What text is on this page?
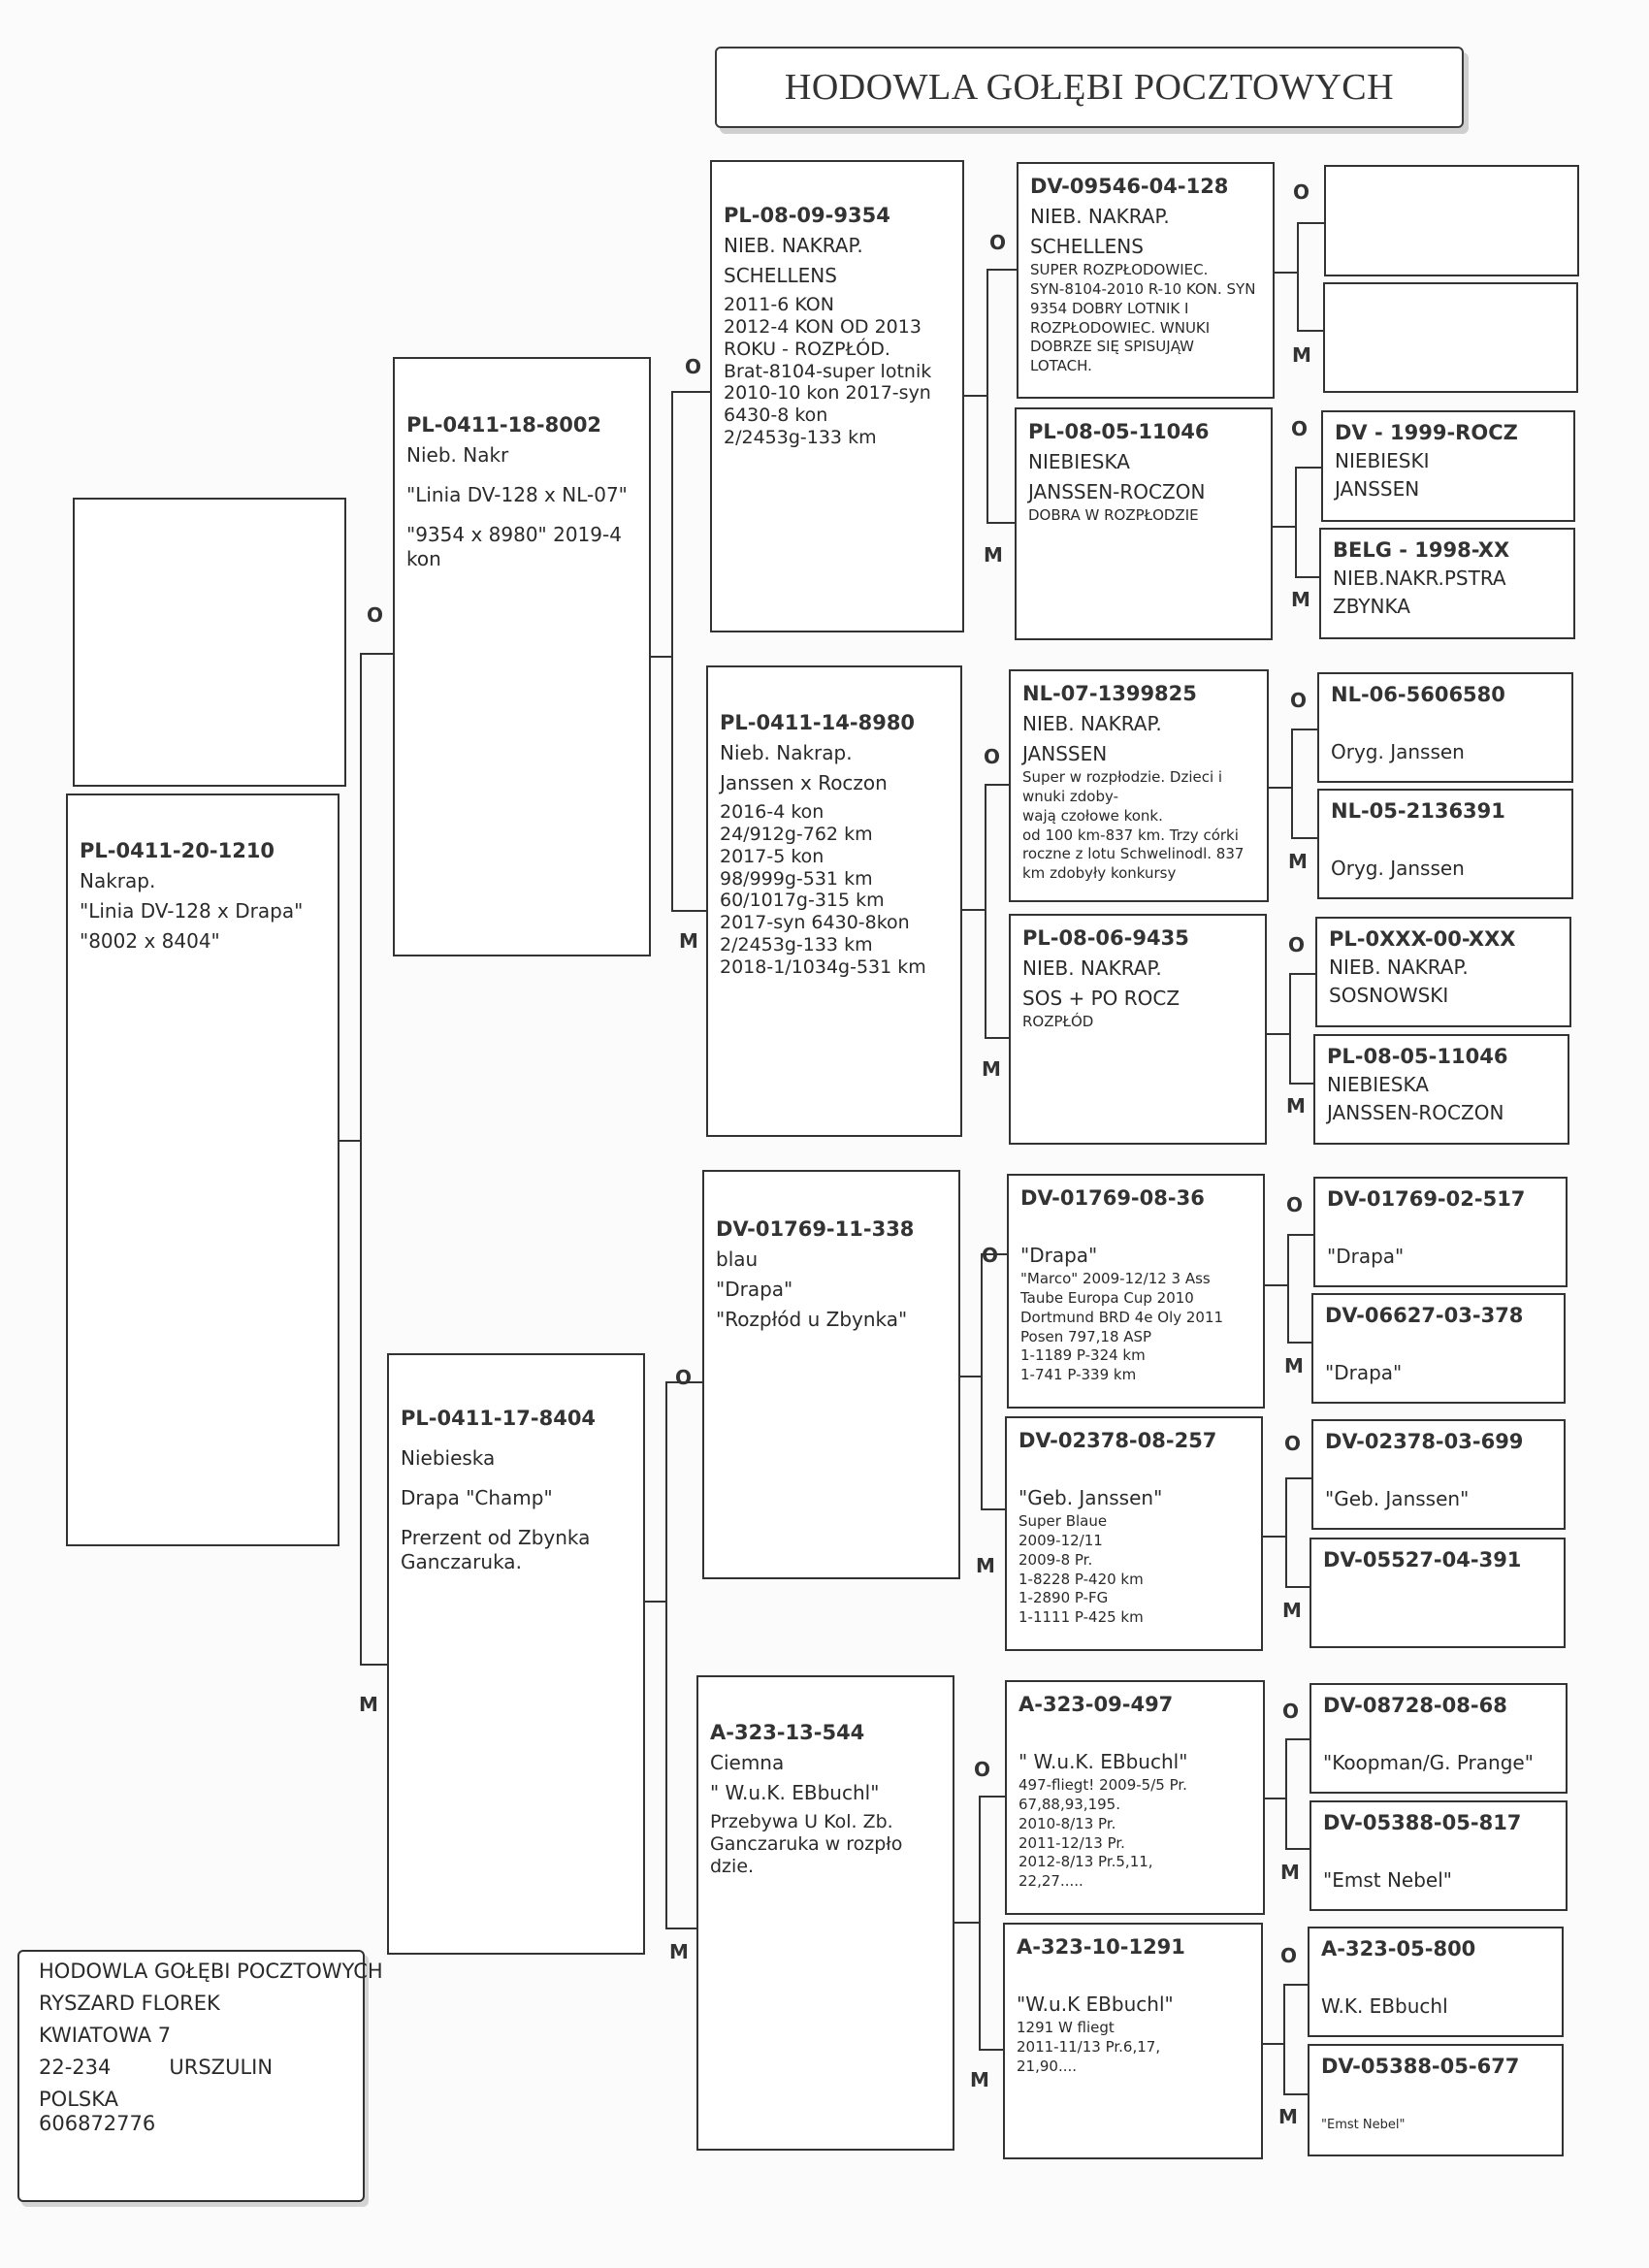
HODOWLA GOŁĘBI POCZTOWYCH
PL-0411-20-1210
Nakrap.
"Linia DV-128 x Drapa"
"8002 x 8404"
PL-0411-18-8002
Nieb. Nakr
"Linia DV-128 x NL-07"
"9354 x 8980" 2019-4
kon
PL-0411-17-8404
Niebieska
Drapa "Champ"
Prerzent od Zbynka
Ganczaruka.
PL-08-09-9354
NIEB. NAKRAP.
SCHELLENS
2011-6 KON
2012-4 KON OD 2013
ROKU - ROZPŁÓD.
Brat-8104-super lotnik
2010-10 kon 2017-syn
6430-8 kon
2/2453g-133 km
PL-0411-14-8980
Nieb. Nakrap.
Janssen x Roczon
2016-4 kon
24/912g-762 km
2017-5 kon
98/999g-531 km
60/1017g-315 km
2017-syn 6430-8kon
2/2453g-133 km
2018-1/1034g-531 km
DV-01769-11-338
blau
"Drapa"
"Rozpłód u Zbynka"
A-323-13-544
Ciemna
" W.u.K. EBbuchl"
Przebywa U Kol. Zb.
Ganczaruka w rozpło
dzie.
DV-09546-04-128
NIEB. NAKRAP.
SCHELLENS
SUPER ROZPŁODOWIEC.
SYN-8104-2010 R-10 KON. SYN
9354 DOBRY LOTNIK I
ROZPŁODOWIEC. WNUKI
DOBRZE SIĘ SPISUJĄW
LOTACH.
PL-08-05-11046
NIEBIESKA
JANSSEN-ROCZON
DOBRA W ROZPŁODZIE
NL-07-1399825
NIEB. NAKRAP.
JANSSEN
Super w rozpłodzie. Dzieci i
wnuki zdoby-
wają czołowe konk.
od 100 km-837 km. Trzy córki
roczne z lotu Schwelinodl. 837
km zdobyły konkursy
PL-08-06-9435
NIEB. NAKRAP.
SOS + PO ROCZ
ROZPŁÓD
DV-01769-08-36
"Drapa"
"Marco" 2009-12/12 3 Ass
Taube Europa Cup 2010
Dortmund BRD 4e Oly 2011
Posen 797,18 ASP
1-1189 P-324 km
1-741 P-339 km
DV-02378-08-257
"Geb. Janssen"
Super Blaue
2009-12/11
2009-8 Pr.
1-8228 P-420 km
1-2890 P-FG
1-1111 P-425 km
A-323-09-497
" W.u.K. EBbuchl"
497-fliegt! 2009-5/5 Pr.
67,88,93,195.
2010-8/13 Pr.
2011-12/13 Pr.
2012-8/13 Pr.5,11,
22,27.....
A-323-10-1291
"W.u.K EBbuchl"
1291 W fliegt
2011-11/13 Pr.6,17,
21,90....
DV - 1999-ROCZ
NIEBIESKI
JANSSEN
BELG - 1998-XX
NIEB.NAKR.PSTRA
ZBYNKA
NL-06-5606580
Oryg. Janssen
NL-05-2136391
Oryg. Janssen
PL-0XXX-00-XXX
NIEB. NAKRAP.
SOSNOWSKI
PL-08-05-11046
NIEBIESKA
JANSSEN-ROCZON
DV-01769-02-517
"Drapa"
DV-06627-03-378
"Drapa"
DV-02378-03-699
"Geb. Janssen"
DV-05527-04-391
DV-08728-08-68
"Koopman/G. Prange"
DV-05388-05-817
"Emst Nebel"
A-323-05-800
W.K. EBbuchl
DV-05388-05-677
"Emst Nebel"
O
M
O
M
O
M
O
M
O
M
O
M
O
M
O
M
O
M
O
M
O
M
O
M
O
M
O
M
O
M
HODOWLA GOŁĘBI POCZTOWYCH
RYSZARD FLOREK
KWIATOWA 7
22-234	URSZULIN
POLSKA
606872776
